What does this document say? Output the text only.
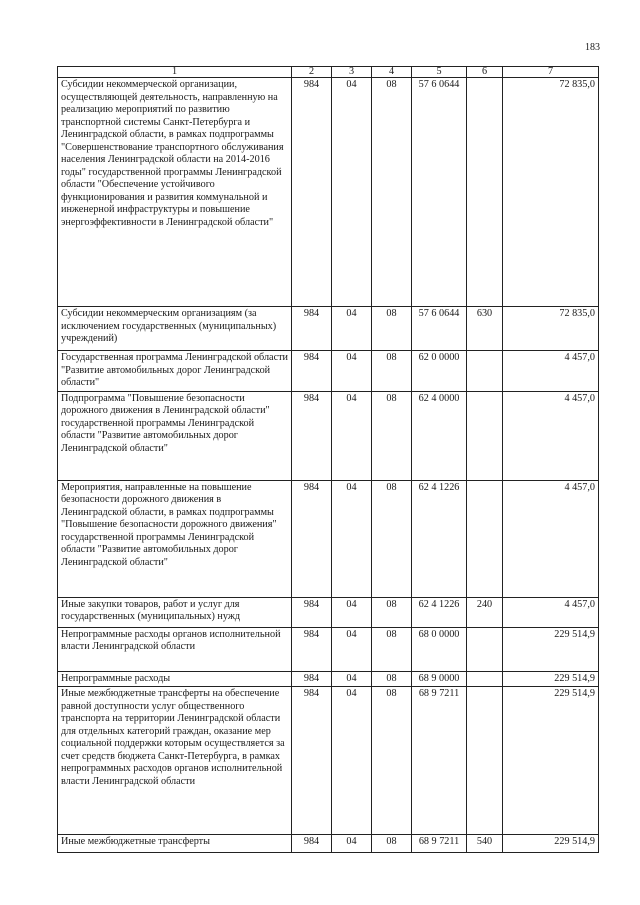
183
1	2	3	4	5	6	7
Субсидии некоммерческой организации, осуществляющей деятельность, направленную на реализацию мероприятий по развитию транспортной системы Санкт-Петербурга и Ленинградской области, в рамках подпрограммы "Совершенствование транспортного обслуживания населения Ленинградской области на 2014-2016 годы" государственной программы Ленинградской области "Обеспечение устойчивого функционирования и развития коммунальной и инженерной инфраструктуры и повышение энергоэффективности в Ленинградской области"	984	04	08	57 6 0644		72 835,0
Субсидии некоммерческим организациям (за исключением государственных (муниципальных) учреждений)	984	04	08	57 6 0644	630	72 835,0
Государственная программа Ленинградской области "Развитие автомобильных дорог Ленинградской области"	984	04	08	62 0 0000		4 457,0
Подпрограмма "Повышение безопасности дорожного движения в Ленинградской области" государственной программы Ленинградской области "Развитие автомобильных дорог Ленинградской области"	984	04	08	62 4 0000		4 457,0
Мероприятия, направленные на повышение безопасности дорожного движения в Ленинградской области, в рамках подпрограммы "Повышение безопасности дорожного движения" государственной программы Ленинградской области "Развитие автомобильных дорог Ленинградской области"	984	04	08	62 4 1226		4 457,0
Иные закупки товаров, работ и услуг для государственных (муниципальных) нужд	984	04	08	62 4 1226	240	4 457,0
Непрограммные расходы органов исполнительной власти Ленинградской области	984	04	08	68 0 0000		229 514,9
Непрограммные расходы	984	04	08	68 9 0000		229 514,9
Иные межбюджетные трансферты на обеспечение равной доступности услуг общественного транспорта на территории Ленинградской области для отдельных категорий граждан, оказание мер социальной поддержки которым осуществляется за счет средств бюджета Санкт-Петербурга, в рамках непрограммных расходов органов исполнительной власти Ленинградской области	984	04	08	68 9 7211		229 514,9
Иные межбюджетные трансферты	984	04	08	68 9 7211	540	229 514,9
